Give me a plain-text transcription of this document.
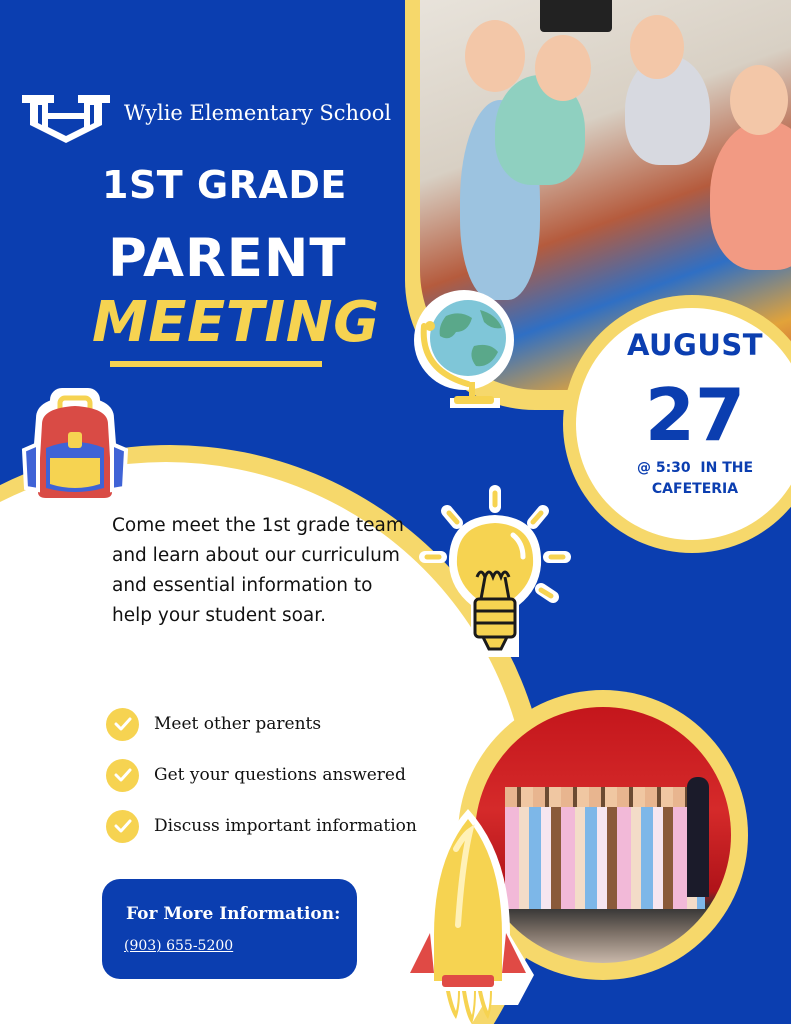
AUGUST
27
@ 5:30  IN THE
CAFETERIA
Wylie Elementary School
1ST GRADE
PARENT
MEETING
Come meet the 1st grade team and learn about our curriculum and essential information to help your student soar.
Meet other parents
Get your questions answered
Discuss important information
For More Information:
(903) 655-5200
